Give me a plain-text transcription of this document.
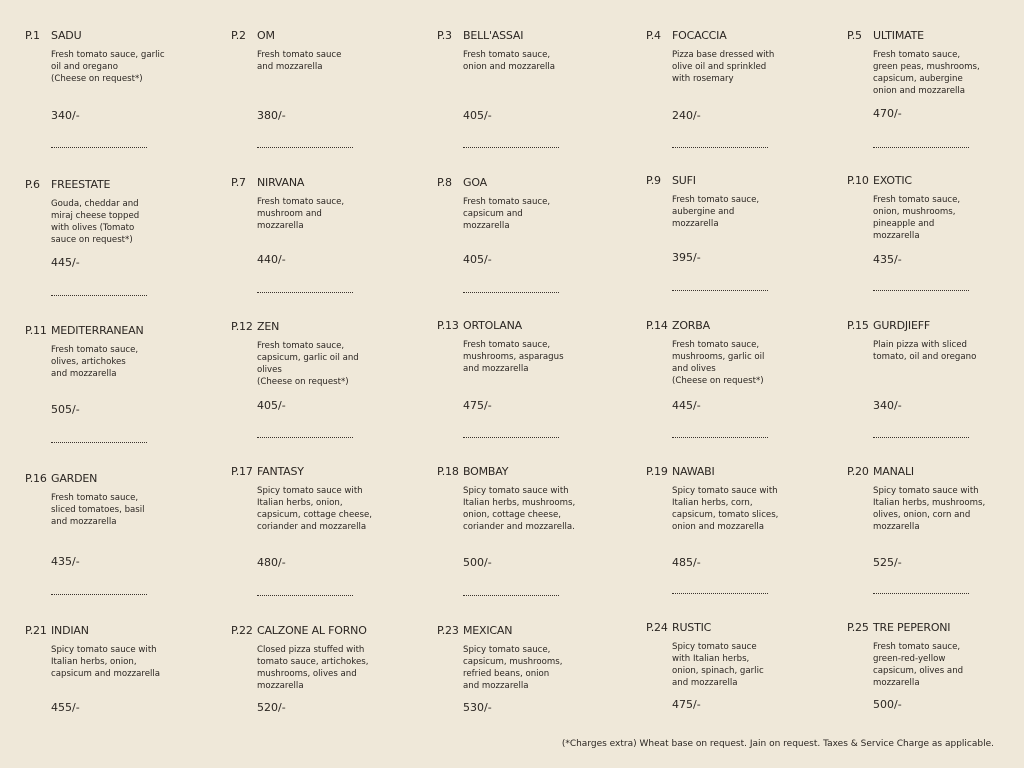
P.1 SADU
Fresh tomato sauce, garlic
oil and oregano
(Cheese on request*)
340/-
P.2 OM
Fresh tomato sauce
and mozzarella
380/-
P.3 BELL'ASSAI
Fresh tomato sauce,
onion and mozzarella
405/-
P.4 FOCACCIA
Pizza base dressed with
olive oil and sprinkled
with rosemary
240/-
P.5 ULTIMATE
Fresh tomato sauce,
green peas, mushrooms,
capsicum, aubergine
onion and mozzarella
470/-
P.6 FREESTATE
Gouda, cheddar and
miraj cheese topped
with olives (Tomato
sauce on request*)
445/-
P.7 NIRVANA
Fresh tomato sauce,
mushroom and
mozzarella
440/-
P.8 GOA
Fresh tomato sauce,
capsicum and
mozzarella
405/-
P.9 SUFI
Fresh tomato sauce,
aubergine and
mozzarella
395/-
P.10 EXOTIC
Fresh tomato sauce,
onion, mushrooms,
pineapple and
mozzarella
435/-
P.11 MEDITERRANEAN
Fresh tomato sauce,
olives, artichokes
and mozzarella
505/-
P.12 ZEN
Fresh tomato sauce,
capsicum, garlic oil and
olives
(Cheese on request*)
405/-
P.13 ORTOLANA
Fresh tomato sauce,
mushrooms, asparagus
and mozzarella
475/-
P.14 ZORBA
Fresh tomato sauce,
mushrooms, garlic oil
and olives
(Cheese on request*)
445/-
P.15 GURDJIEFF
Plain pizza with sliced
tomato, oil and oregano
340/-
P.16 GARDEN
Fresh tomato sauce,
sliced tomatoes, basil
and mozzarella
435/-
P.17 FANTASY
Spicy tomato sauce with
Italian herbs, onion,
capsicum, cottage cheese,
coriander and mozzarella
480/-
P.18 BOMBAY
Spicy tomato sauce with
Italian herbs, mushrooms,
onion, cottage cheese,
coriander and mozzarella.
500/-
P.19 NAWABI
Spicy tomato sauce with
Italian herbs, corn,
capsicum, tomato slices,
onion and mozzarella
485/-
P.20 MANALI
Spicy tomato sauce with
Italian herbs, mushrooms,
olives, onion, corn and
mozzarella
525/-
P.21 INDIAN
Spicy tomato sauce with
Italian herbs, onion,
capsicum and mozzarella
455/-
P.22 CALZONE AL FORNO
Closed pizza stuffed with
tomato sauce, artichokes,
mushrooms, olives and
mozzarella
520/-
P.23 MEXICAN
Spicy tomato sauce,
capsicum, mushrooms,
refried beans, onion
and mozzarella
530/-
P.24 RUSTIC
Spicy tomato sauce
with Italian herbs,
onion, spinach, garlic
and mozzarella
475/-
P.25 TRE PEPERONI
Fresh tomato sauce,
green-red-yellow
capsicum, olives and
mozzarella
500/-
(*Charges extra) Wheat base on request. Jain on request. Taxes & Service Charge as applicable.
